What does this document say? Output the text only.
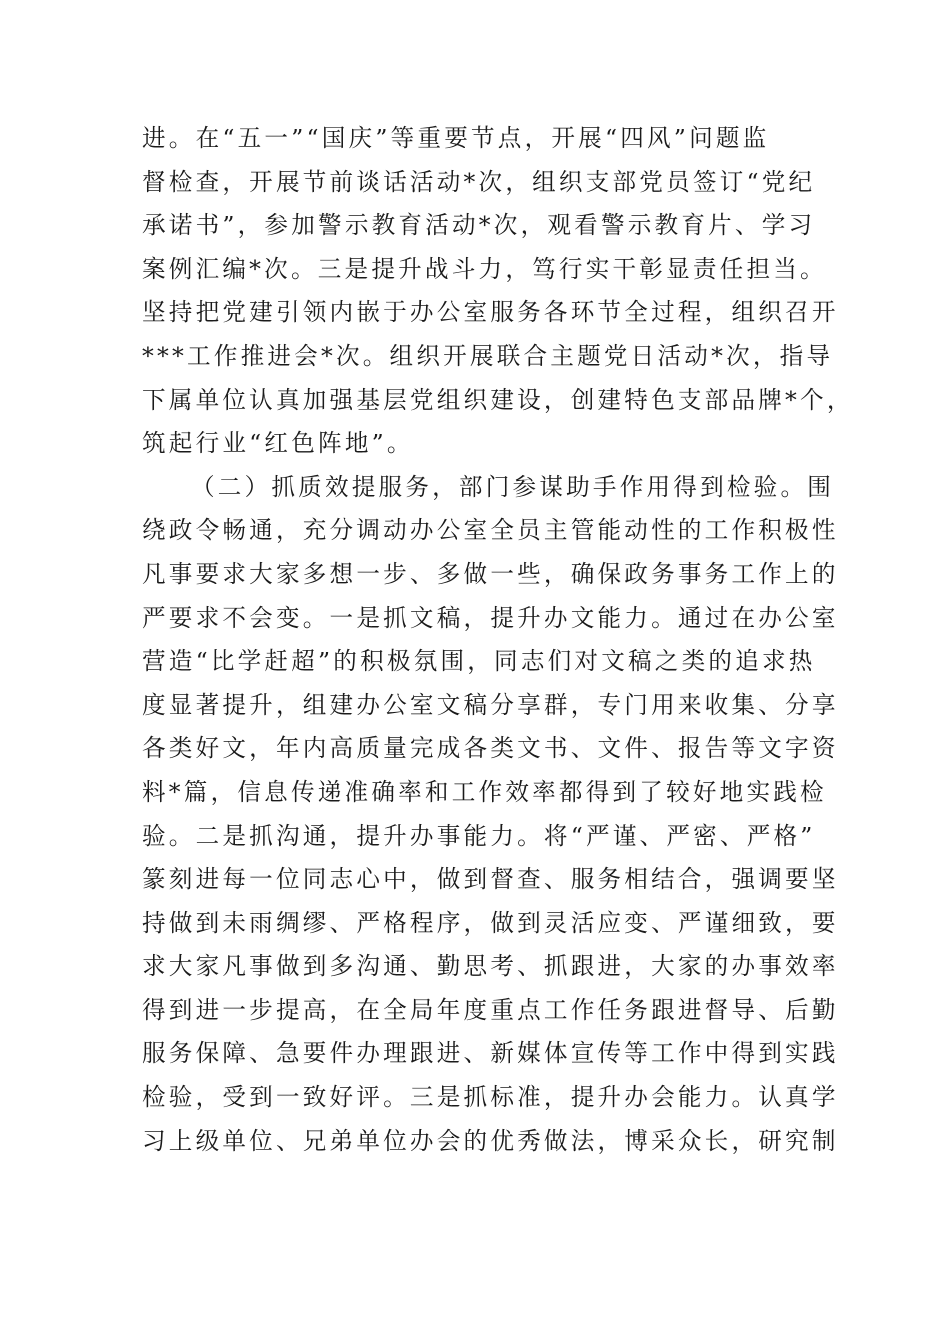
进。在“五一”“国庆”等重要节点，开展“四风”问题监
督检查，开展节前谈话活动*次，组织支部党员签订“党纪
承诺书”，参加警示教育活动*次，观看警示教育片、学习
案例汇编*次。三是提升战斗力，笃行实干彰显责任担当。
坚持把党建引领内嵌于办公室服务各环节全过程，组织召开
***工作推进会*次。组织开展联合主题党日活动*次，指导
下属单位认真加强基层党组织建设，创建特色支部品牌*个，
筑起行业“红色阵地”。
（二）抓质效提服务，部门参谋助手作用得到检验。围
绕政令畅通，充分调动办公室全员主管能动性的工作积极性
凡事要求大家多想一步、多做一些，确保政务事务工作上的
严要求不会变。一是抓文稿，提升办文能力。通过在办公室
营造“比学赶超”的积极氛围，同志们对文稿之类的追求热
度显著提升，组建办公室文稿分享群，专门用来收集、分享
各类好文，年内高质量完成各类文书、文件、报告等文字资
料*篇，信息传递准确率和工作效率都得到了较好地实践检
验。二是抓沟通，提升办事能力。将“严谨、严密、严格”
篆刻进每一位同志心中，做到督查、服务相结合，强调要坚
持做到未雨绸缪、严格程序，做到灵活应变、严谨细致，要
求大家凡事做到多沟通、勤思考、抓跟进，大家的办事效率
得到进一步提高，在全局年度重点工作任务跟进督导、后勤
服务保障、急要件办理跟进、新媒体宣传等工作中得到实践
检验，受到一致好评。三是抓标准，提升办会能力。认真学
习上级单位、兄弟单位办会的优秀做法，博采众长，研究制
